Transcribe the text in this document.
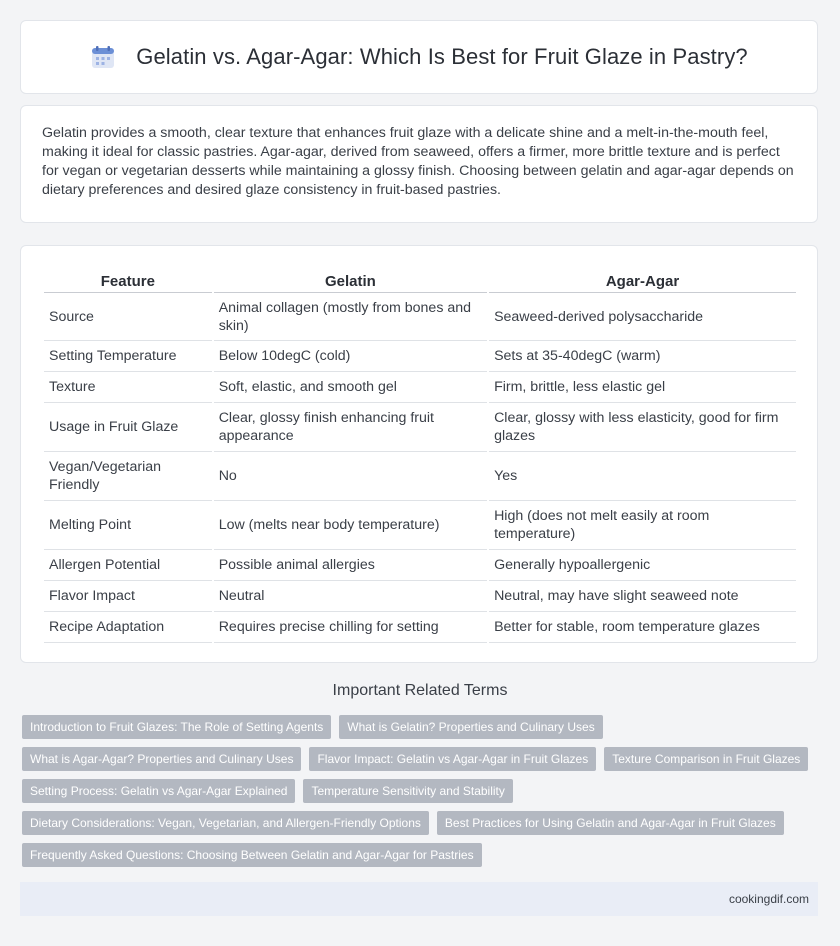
Gelatin vs. Agar-Agar: Which Is Best for Fruit Glaze in Pastry?
Gelatin provides a smooth, clear texture that enhances fruit glaze with a delicate shine and a melt-in-the-mouth feel, making it ideal for classic pastries. Agar-agar, derived from seaweed, offers a firmer, more brittle texture and is perfect for vegan or vegetarian desserts while maintaining a glossy finish. Choosing between gelatin and agar-agar depends on dietary preferences and desired glaze consistency in fruit-based pastries.
Feature	Gelatin	Agar-Agar
Source	Animal collagen (mostly from bones and skin)	Seaweed-derived polysaccharide
Setting Temperature	Below 10degC (cold)	Sets at 35-40degC (warm)
Texture	Soft, elastic, and smooth gel	Firm, brittle, less elastic gel
Usage in Fruit Glaze	Clear, glossy finish enhancing fruit appearance	Clear, glossy with less elasticity, good for firm glazes
Vegan/Vegetarian Friendly	No	Yes
Melting Point	Low (melts near body temperature)	High (does not melt easily at room temperature)
Allergen Potential	Possible animal allergies	Generally hypoallergenic
Flavor Impact	Neutral	Neutral, may have slight seaweed note
Recipe Adaptation	Requires precise chilling for setting	Better for stable, room temperature glazes
Important Related Terms
Introduction to Fruit Glazes: The Role of Setting Agents	What is Gelatin? Properties and Culinary Uses
What is Agar-Agar? Properties and Culinary Uses	Flavor Impact: Gelatin vs Agar-Agar in Fruit Glazes	Texture Comparison in Fruit Glazes
Setting Process: Gelatin vs Agar-Agar Explained	Temperature Sensitivity and Stability
Dietary Considerations: Vegan, Vegetarian, and Allergen-Friendly Options	Best Practices for Using Gelatin and Agar-Agar in Fruit Glazes
Frequently Asked Questions: Choosing Between Gelatin and Agar-Agar for Pastries
cookingdif.com
